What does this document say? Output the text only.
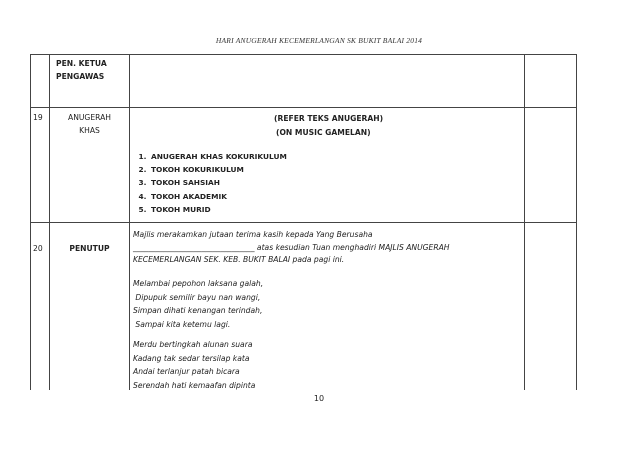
HARI ANUGERAH KECEMERLANGAN SK BUKIT BALAI 2014
PEN. KETUA
PENGAWAS
19	ANUGERAH
KHAS
(REFER TEKS ANUGERAH)
(ON MUSIC GAMELAN)
1. ANUGERAH KHAS KOKURIKULUM
2. TOKOH KOKURIKULUM
3. TOKOH SAHSIAH
4. TOKOH AKADEMIK
5. TOKOH MURID
20	PENUTUP
Majlis merakamkan jutaan terima kasih kepada Yang Berusaha
________________________________ atas kesudian Tuan menghadiri MAJLIS ANUGERAH
KECEMERLANGAN SEK. KEB. BUKIT BALAI pada pagi ini.
Melambai pepohon laksana galah,
Dipupuk semilir bayu nan wangi,
Simpan dihati kenangan terindah,
Sampai kita ketemu lagi.
Merdu bertingkah alunan suara
Kadang tak sedar tersilap kata
Andai terlanjur patah bicara
Serendah hati kemaafan dipinta
10
